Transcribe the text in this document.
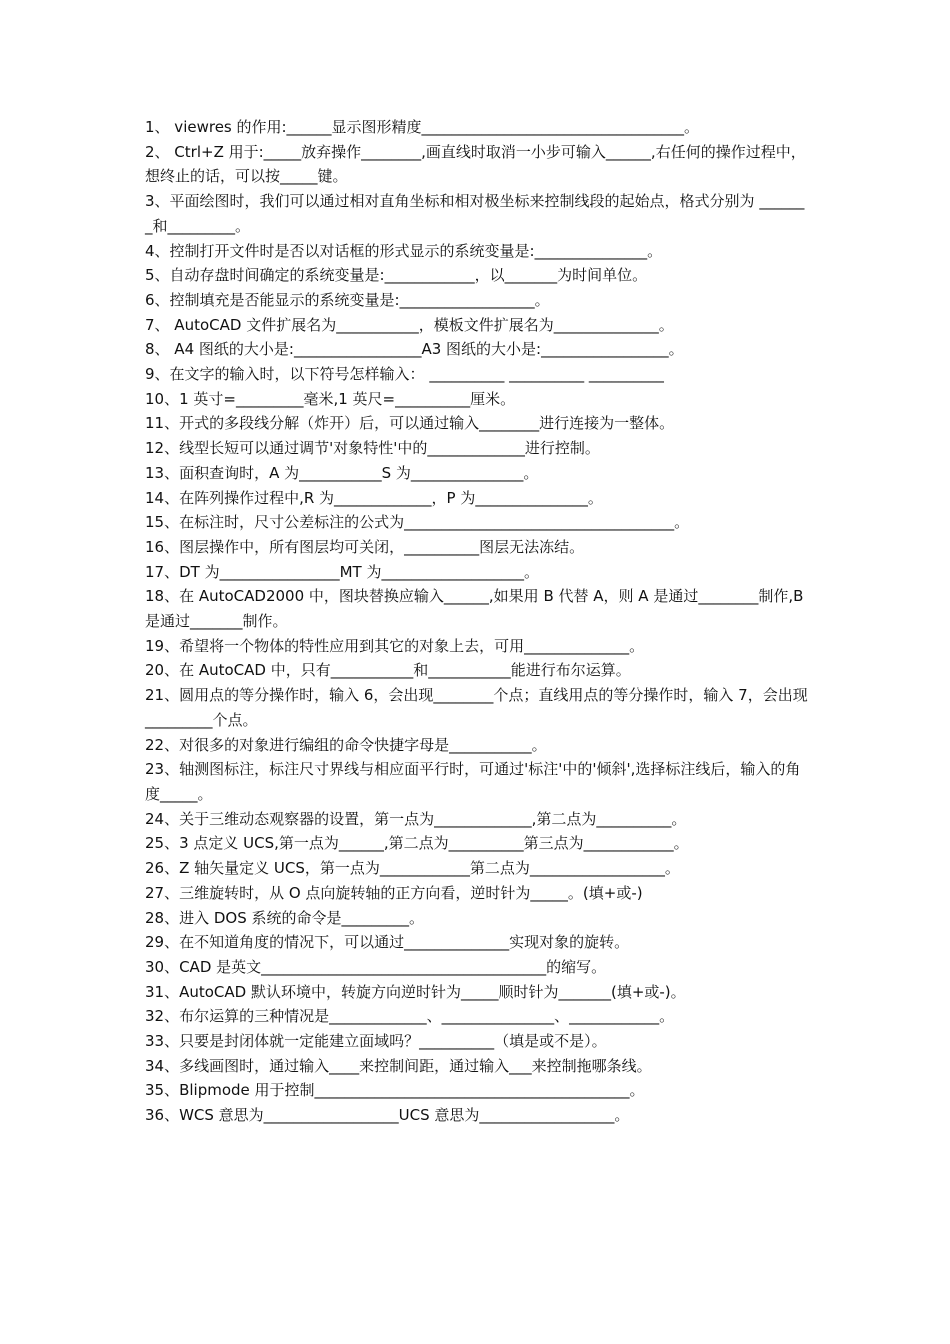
1、 viewres 的作用:______显示图形精度___________________________________。

2、 Ctrl+Z 用于:_____放弃操作________,画直线时取消一小步可输入______,右任何的操作过程中，想终止的话，可以按_____键。

3、平面绘图时，我们可以通过相对直角坐标和相对极坐标来控制线段的起始点，格式分别为 _______和_________。

4、控制打开文件时是否以对话框的形式显示的系统变量是:_______________。

5、自动存盘时间确定的系统变量是:____________，以_______为时间单位。

6、控制填充是否能显示的系统变量是:__________________。

7、 AutoCAD 文件扩展名为___________，模板文件扩展名为______________。

8、 A4 图纸的大小是:_________________A3 图纸的大小是:_________________。

9、在文字的输入时，以下符号怎样输入： __________ __________ __________

10、1 英寸=_________毫米,1 英尺=__________厘米。

11、开式的多段线分解（炸开）后，可以通过输入________进行连接为一整体。

12、线型长短可以通过调节'对象特性'中的_____________进行控制。

13、面积查询时，A 为___________S 为_______________。

14、在阵列操作过程中,R 为_____________，P 为_______________。

15、在标注时，尺寸公差标注的公式为____________________________________。

16、图层操作中，所有图层均可关闭，__________图层无法冻结。

17、DT 为________________MT 为___________________。

18、在 AutoCAD2000 中，图块替换应输入______,如果用 B 代替 A，则 A 是通过________制作,B 是通过_______制作。

19、希望将一个物体的特性应用到其它的对象上去，可用______________。

20、在 AutoCAD 中，只有___________和___________能进行布尔运算。

21、圆用点的等分操作时，输入 6，会出现________个点；直线用点的等分操作时，输入 7，会出现_________个点。

22、对很多的对象进行编组的命令快捷字母是___________。

23、轴测图标注，标注尺寸界线与相应面平行时，可通过'标注'中的'倾斜',选择标注线后，输入的角度_____。

24、关于三维动态观察器的设置，第一点为_____________,第二点为__________。

25、3 点定义 UCS,第一点为______,第二点为__________第三点为____________。

26、Z 轴矢量定义 UCS，第一点为____________第二点为__________________。

27、三维旋转时，从 O 点向旋转轴的正方向看，逆时针为_____。(填+或-)

28、进入 DOS 系统的命令是_________。

29、在不知道角度的情况下，可以通过______________实现对象的旋转。

30、CAD 是英文______________________________________的缩写。

31、AutoCAD 默认环境中，转旋方向逆时针为_____顺时针为_______(填+或-)。

32、布尔运算的三种情况是_____________、_______________、____________。

33、只要是封闭体就一定能建立面域吗？__________（填是或不是）。

34、多线画图时，通过输入____来控制间距，通过输入___来控制拖哪条线。

35、Blipmode 用于控制__________________________________________。

36、WCS 意思为__________________UCS 意思为__________________。
